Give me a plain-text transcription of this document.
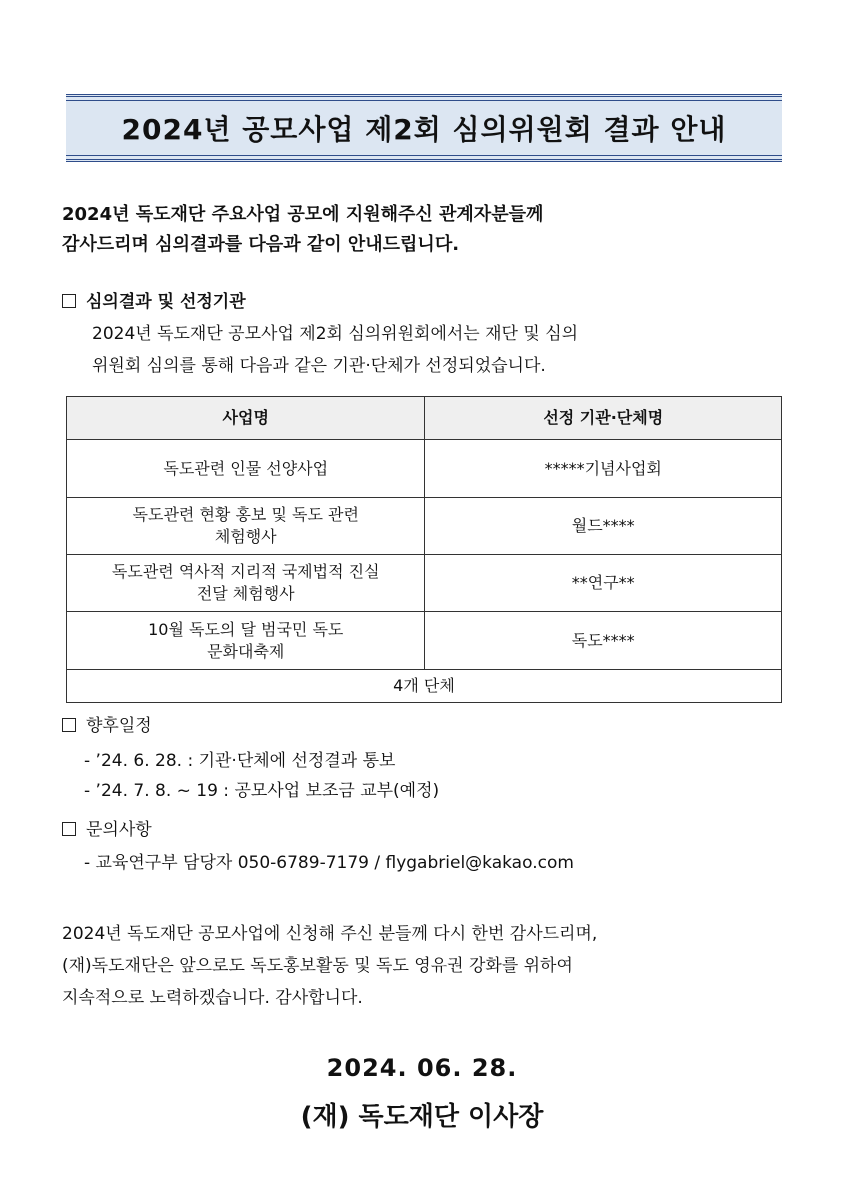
2024년 공모사업 제2회 심의위원회 결과 안내
2024년 독도재단 주요사업 공모에 지원해주신 관계자분들께
감사드리며 심의결과를 다음과 같이 안내드립니다.
심의결과 및 선정기관
2024년 독도재단 공모사업 제2회 심의위원회에서는 재단 및 심의
위원회 심의를 통해 다음과 같은 기관·단체가 선정되었습니다.
사업명	선정 기관·단체명

독도관련 인물 선양사업	*****기념사업회

독도관련 현황 홍보 및 독도 관련
체험행사	월드****

독도관련 역사적 지리적 국제법적 진실
전달 체험행사	**연구**

10월 독도의 달 범국민 독도
문화대축제	독도****
4개 단체	
향후일정
- ’24. 6. 28. : 기관·단체에 선정결과 통보
- ’24. 7. 8. ~ 19 : 공모사업 보조금 교부(예정)
문의사항
- 교육연구부 담당자 050-6789-7179 / flygabriel@kakao.com
2024년 독도재단 공모사업에 신청해 주신 분들께 다시 한번 감사드리며,
(재)독도재단은 앞으로도 독도홍보활동 및 독도 영유권 강화를 위하여
지속적으로 노력하겠습니다. 감사합니다.
2024. 06. 28.
(재) 독도재단 이사장
